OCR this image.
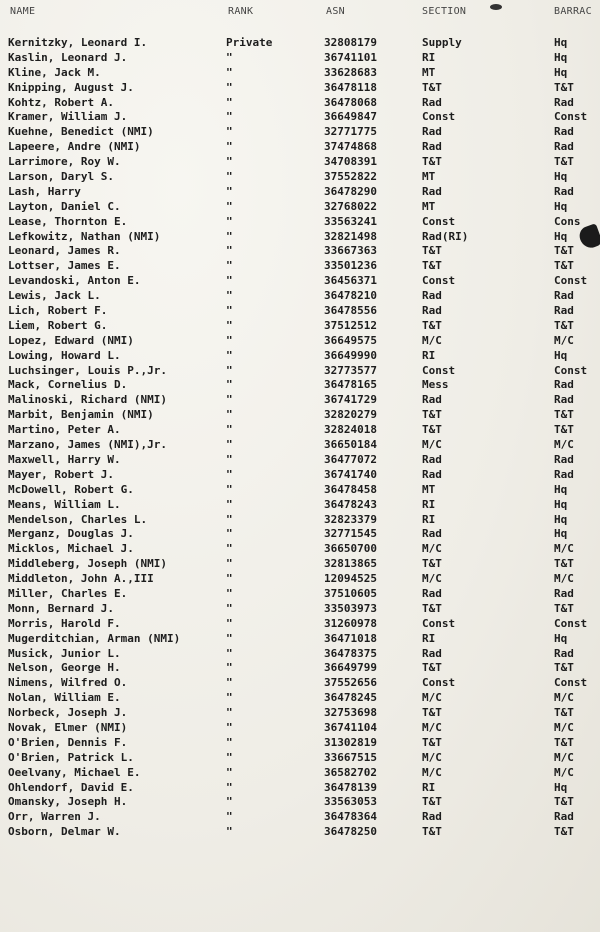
NAME	RANK	ASN	SECTION	BARRAC
Kernitzky, Leonard I.	Private	32808179	Supply	Hq
Kaslin, Leonard J.	"	36741101	RI	Hq
Kline, Jack M.	"	33628683	MT	Hq
Knipping, August J.	"	36478118	T&T	T&T
Kohtz, Robert A.	"	36478068	Rad	Rad
Kramer, William J.	"	36649847	Const	Const
Kuehne, Benedict (NMI)	"	32771775	Rad	Rad
Lapeere, Andre (NMI)	"	37474868	Rad	Rad
Larrimore, Roy W.	"	34708391	T&T	T&T
Larson, Daryl S.	"	37552822	MT	Hq
Lash, Harry	"	36478290	Rad	Rad
Layton, Daniel C.	"	32768022	MT	Hq
Lease, Thornton E.	"	33563241	Const	Cons
Lefkowitz, Nathan (NMI)	"	32821498	Rad(RI)	Hq
Leonard, James R.	"	33667363	T&T	T&T
Lottser, James E.	"	33501236	T&T	T&T
Levandoski, Anton E.	"	36456371	Const	Const
Lewis, Jack L.	"	36478210	Rad	Rad
Lich, Robert F.	"	36478556	Rad	Rad
Liem, Robert G.	"	37512512	T&T	T&T
Lopez, Edward (NMI)	"	36649575	M/C	M/C
Lowing, Howard L.	"	36649990	RI	Hq
Luchsinger, Louis P.,Jr.	"	32773577	Const	Const
Mack, Cornelius D.	"	36478165	Mess	Rad
Malinoski, Richard (NMI)	"	36741729	Rad	Rad
Marbit, Benjamin (NMI)	"	32820279	T&T	T&T
Martino, Peter A.	"	32824018	T&T	T&T
Marzano, James (NMI),Jr.	"	36650184	M/C	M/C
Maxwell, Harry W.	"	36477072	Rad	Rad
Mayer, Robert J.	"	36741740	Rad	Rad
McDowell, Robert G.	"	36478458	MT	Hq
Means, William L.	"	36478243	RI	Hq
Mendelson, Charles L.	"	32823379	RI	Hq
Merganz, Douglas J.	"	32771545	Rad	Hq
Micklos, Michael J.	"	36650700	M/C	M/C
Middleberg, Joseph (NMI)	"	32813865	T&T	T&T
Middleton, John A.,III	"	12094525	M/C	M/C
Miller, Charles E.	"	37510605	Rad	Rad
Monn, Bernard J.	"	33503973	T&T	T&T
Morris, Harold F.	"	31260978	Const	Const
Mugerditchian, Arman (NMI)	"	36471018	RI	Hq
Musick, Junior L.	"	36478375	Rad	Rad
Nelson, George H.	"	36649799	T&T	T&T
Nimens, Wilfred O.	"	37552656	Const	Const
Nolan, William E.	"	36478245	M/C	M/C
Norbeck, Joseph J.	"	32753698	T&T	T&T
Novak, Elmer (NMI)	"	36741104	M/C	M/C
O'Brien, Dennis F.	"	31302819	T&T	T&T
O'Brien, Patrick L.	"	33667515	M/C	M/C
Oeelvany, Michael E.	"	36582702	M/C	M/C
Ohlendorf, David E.	"	36478139	RI	Hq
Omansky, Joseph H.	"	33563053	T&T	T&T
Orr, Warren J.	"	36478364	Rad	Rad
Osborn, Delmar W.	"	36478250	T&T	T&T
